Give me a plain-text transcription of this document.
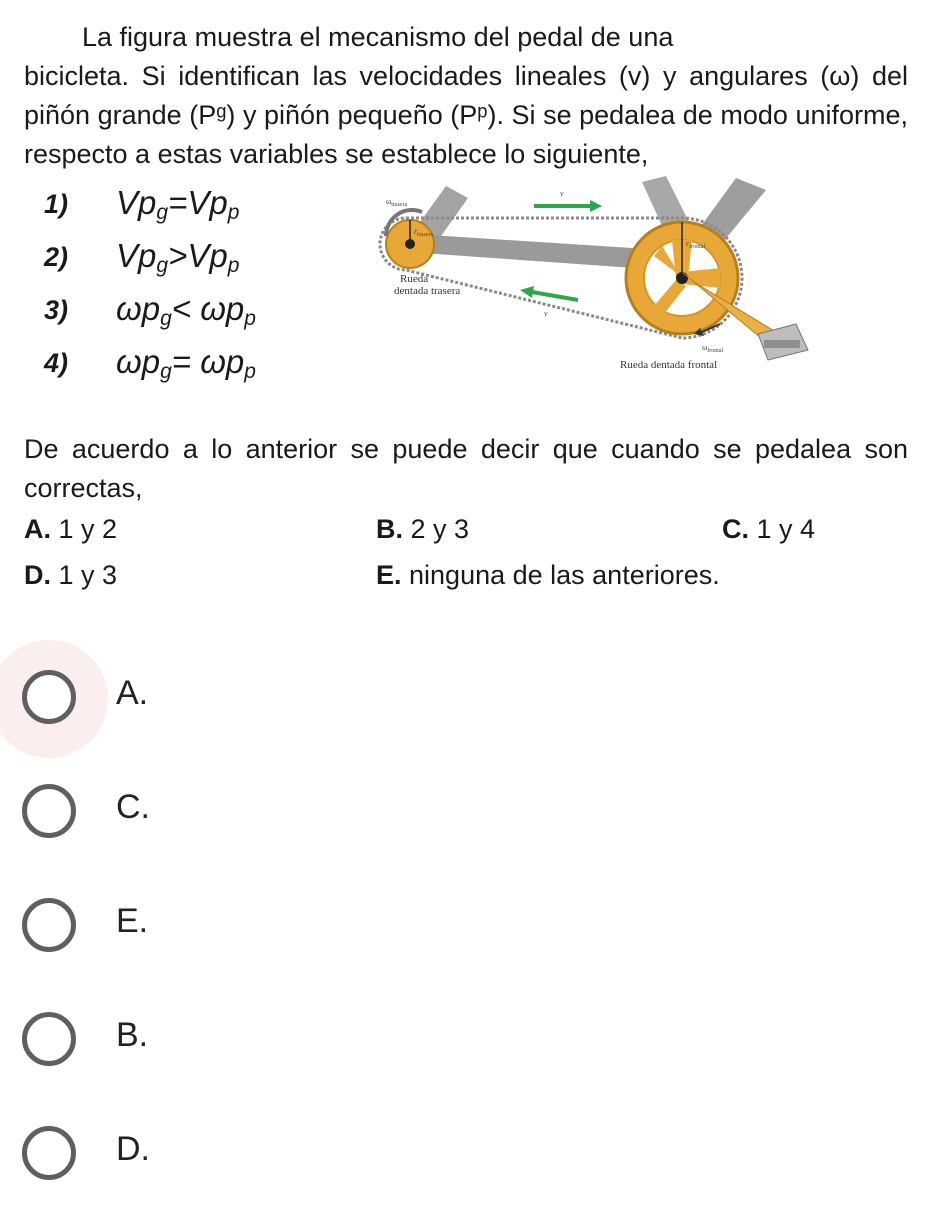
La figura muestra el mecanismo del pedal de una
bicicleta. Si identifican las velocidades lineales (v) y angulares (ω) del piñón grande (Pᵍ) y piñón pequeño (Pᵖ). Si se pedalea de modo uniforme, respecto a estas variables se establece lo siguiente,

1)	$Vp_g=Vp_p$
2)	$Vp_g>Vp_p$
3)	$\omega p_g< \omega p_p$
4)	$\omega p_g= \omega p_p$
$\omega_{trasera}$
v
v
$r_{trasera}$
$r_{frontal}$
Rueda
dentada trasera
$\omega_{frontal}$
Rueda dentada frontal

De acuerdo a lo anterior se puede decir que cuando se pedalea son correctas,

A. 1 y 2	B. 2 y 3	C. 1 y 4
D. 1 y 3	E. ninguna de las anteriores.
A.
C.
E.
B.
D.
